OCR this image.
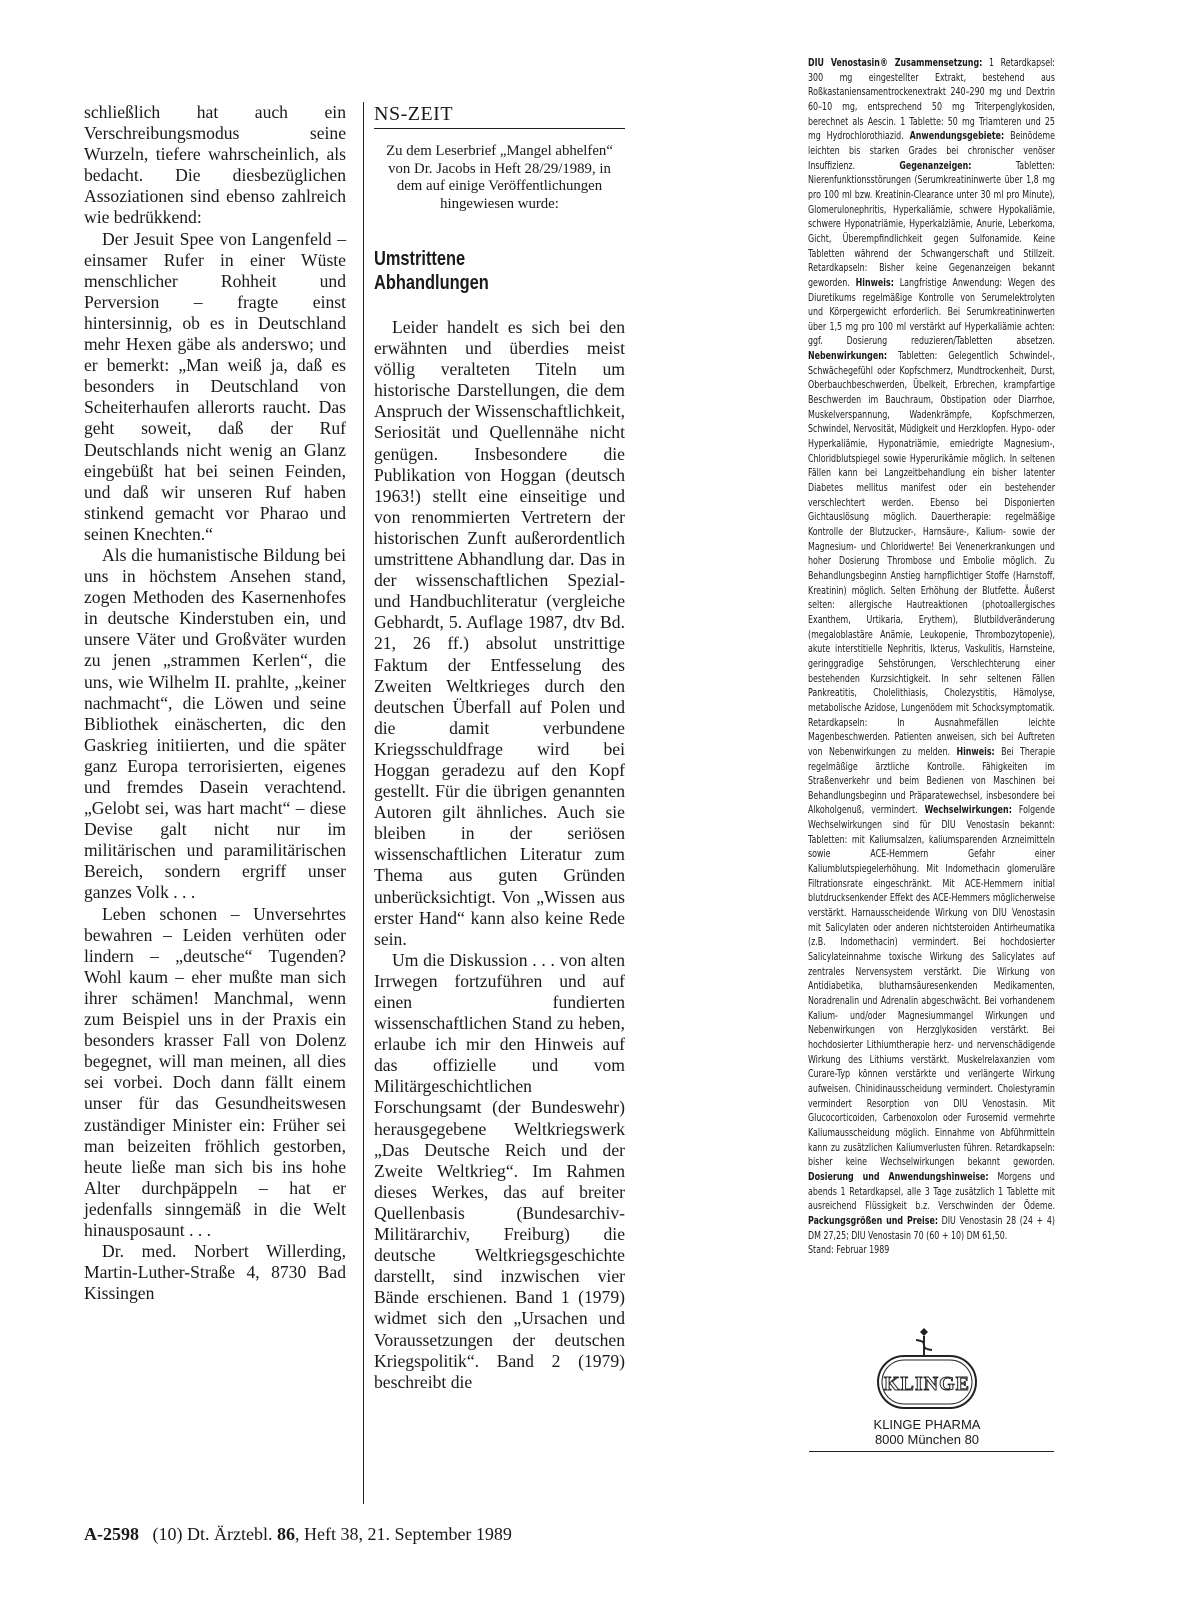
schließlich hat auch ein Verschreibungsmodus seine Wurzeln, tiefere wahrscheinlich, als bedacht. Die diesbezüglichen Assoziationen sind ebenso zahlreich wie bedrükkend:

Der Jesuit Spee von Langenfeld – einsamer Rufer in einer Wüste menschlicher Rohheit und Perversion – fragte einst hintersinnig, ob es in Deutschland mehr Hexen gäbe als anderswo; und er bemerkt: „Man weiß ja, daß es besonders in Deutschland von Scheiterhaufen allerorts raucht. Das geht soweit, daß der Ruf Deutschlands nicht wenig an Glanz eingebüßt hat bei seinen Feinden, und daß wir unseren Ruf haben stinkend gemacht vor Pharao und seinen Knechten.“

Als die humanistische Bildung bei uns in höchstem Ansehen stand, zogen Methoden des Kasernenhofes in deutsche Kinderstuben ein, und unsere Väter und Großväter wurden zu jenen „strammen Kerlen“, die uns, wie Wilhelm II. prahlte, „keiner nachmacht“, die Löwen und seine Bibliothek einäscherten, dic den Gaskrieg initiierten, und die später ganz Europa terrorisierten, eigenes und fremdes Dasein verachtend. „Gelobt sei, was hart macht“ – diese Devise galt nicht nur im militärischen und paramilitärischen Bereich, sondern ergriff unser ganzes Volk . . .

Leben schonen – Unversehrtes bewahren – Leiden verhüten oder lindern – „deutsche“ Tugenden? Wohl kaum – eher mußte man sich ihrer schämen! Manchmal, wenn zum Beispiel uns in der Praxis ein besonders krasser Fall von Dolenz begegnet, will man meinen, all dies sei vorbei. Doch dann fällt einem unser für das Gesundheitswesen zuständiger Minister ein: Früher sei man beizeiten fröhlich gestorben, heute ließe man sich bis ins hohe Alter durchpäppeln – hat er jedenfalls sinngemäß in die Welt hinausposaunt . . .

Dr. med. Norbert Willerding, Martin-Luther-Straße 4, 8730 Bad Kissingen

NS-ZEIT
Zu dem Leserbrief „Mangel abhelfen“ von Dr. Jacobs in Heft 28/29/1989, in dem auf einige Veröffentlichungen hingewiesen wurde:
Umstrittene
Abhandlungen

Leider handelt es sich bei den erwähnten und überdies meist völlig veralteten Titeln um historische Darstellungen, die dem Anspruch der Wissenschaftlichkeit, Seriosität und Quellennähe nicht genügen. Insbesondere die Publikation von Hoggan (deutsch 1963!) stellt eine einseitige und von renommierten Vertretern der historischen Zunft außerordentlich umstrittene Abhandlung dar. Das in der wissenschaftlichen Spezial- und Handbuchliteratur (vergleiche Gebhardt, 5. Auflage 1987, dtv Bd. 21, 26 ff.) absolut unstrittige Faktum der Entfesselung des Zweiten Weltkrieges durch den deutschen Überfall auf Polen und die damit verbundene Kriegsschuldfrage wird bei Hoggan geradezu auf den Kopf gestellt. Für die übrigen genannten Autoren gilt ähnliches. Auch sie bleiben in der seriösen wissenschaftlichen Literatur zum Thema aus guten Gründen unberücksichtigt. Von „Wissen aus erster Hand“ kann also keine Rede sein.

Um die Diskussion . . . von alten Irrwegen fortzuführen und auf einen fundierten wissenschaftlichen Stand zu heben, erlaube ich mir den Hinweis auf das offizielle und vom Militärgeschichtlichen Forschungsamt (der Bundeswehr) herausgegebene Weltkriegswerk „Das Deutsche Reich und der Zweite Weltkrieg“. Im Rahmen dieses Werkes, das auf breiter Quellenbasis (Bundesarchiv-Militärarchiv, Freiburg) die deutsche Weltkriegsgeschichte darstellt, sind inzwischen vier Bände erschienen. Band 1 (1979) widmet sich den „Ursachen und Voraussetzungen der deutschen Kriegspolitik“. Band 2 (1979) beschreibt die

DIU Venostasin® Zusammensetzung: 1 Retardkapsel: 300 mg eingestellter Extrakt, bestehend aus Roßkastaniensamentrockenextrakt 240–290 mg und Dextrin 60–10 mg, entsprechend 50 mg Triterpenglykosiden, berechnet als Aescin. 1 Tablette: 50 mg Triamteren und 25 mg Hydrochlorothiazid. Anwendungsgebiete: Beinödeme leichten bis starken Grades bei chronischer venöser Insuffizienz.	Gegenanzeigen:	Tabletten: Nierenfunktionsstörungen (Serumkreatininwerte über 1,8 mg pro 100 ml bzw. Kreatinin-Clearance unter 30 ml pro Minute), Glomerulonephritis, Hyperkaliämie, schwere Hypokaliämie, schwere Hyponatriämie, Hyperkalziämie, Anurie, Leberkoma, Gicht, Überempfindlichkeit gegen Sulfonamide. Keine Tabletten während der Schwangerschaft und Stillzeit. Retardkapseln: Bisher keine Gegenanzeigen bekannt geworden. Hinweis: Langfristige Anwendung: Wegen des Diuretikums regelmäßige Kontrolle von Serumelektrolyten und Körpergewicht erforderlich. Bei Serumkreatininwerten über 1,5 mg pro 100 ml verstärkt auf Hyperkaliämie achten: ggf. Dosierung reduzieren/Tabletten absetzen. Nebenwirkungen: Tabletten: Gelegentlich Schwindel-, Schwächegefühl oder Kopfschmerz, Mundtrockenheit, Durst, Oberbauchbeschwerden, Übelkeit, Erbrechen, krampfartige Beschwerden im Bauchraum, Obstipation oder Diarrhoe, Muskelverspannung, Wadenkrämpfe, Kopfschmerzen, Schwindel, Nervosität, Müdigkeit und Herzklopfen. Hypo- oder Hyperkaliämie, Hyponatriämie, erniedrigte Magnesium-, Chloridblutspiegel sowie Hyperurikämie möglich. In seltenen Fällen kann bei Langzeitbehandlung ein bisher latenter Diabetes mellitus manifest oder ein bestehender verschlechtert werden. Ebenso bei Disponierten Gichtauslösung möglich. Dauertherapie: regelmäßige Kontrolle der Blutzucker-, Harnsäure-, Kalium- sowie der Magnesium- und Chloridwerte! Bei Venenerkrankungen und hoher Dosierung Thrombose und Embolie möglich. Zu Behandlungsbeginn Anstieg harnpflichtiger Stoffe (Harnstoff, Kreatinin) möglich. Selten Erhöhung der Blutfette. Äußerst selten: allergische Hautreaktionen (photoallergisches Exanthem, Urtikaria, Erythem), Blutbildveränderung (megaloblastäre Anämie, Leukopenie, Thrombozytopenie), akute interstitielle Nephritis, Ikterus, Vaskulitis, Harnsteine, geringgradige Sehstörungen, Verschlechterung einer bestehenden Kurzsichtigkeit. In sehr seltenen Fällen Pankreatitis, Cholelithiasis, Cholezystitis, Hämolyse, metabolische Azidose, Lungenödem mit Schocksymptomatik. Retardkapseln: In Ausnahmefällen leichte Magenbeschwerden. Patienten anweisen, sich bei Auftreten von Nebenwirkungen zu melden. Hinweis: Bei Therapie regelmäßige ärztliche Kontrolle. Fähigkeiten im Straßenverkehr und beim Bedienen von Maschinen bei Behandlungsbeginn und Präparatewechsel, insbesondere bei Alkoholgenuß, vermindert. Wechselwirkungen: Folgende Wechselwirkungen sind für DIU Venostasin bekannt: Tabletten: mit Kaliumsalzen, kaliumsparenden Arzneimitteln sowie ACE-Hemmern Gefahr einer Kaliumblutspiegelerhöhung. Mit Indomethacin glomeruläre Filtrationsrate eingeschränkt. Mit ACE-Hemmern initial blutdrucksenkender Effekt des ACE-Hemmers möglicherweise verstärkt. Harnausscheidende Wirkung von DIU Venostasin mit Salicylaten oder anderen nichtsteroiden Antirheumatika (z.B. Indomethacin) vermindert. Bei hochdosierter Salicylateinnahme toxische Wirkung des Salicylates auf zentrales Nervensystem verstärkt. Die Wirkung von Antidiabetika, blutharnsäuresenkenden Medikamenten, Noradrenalin und Adrenalin abgeschwächt. Bei vorhandenem Kalium- und/oder Magnesiummangel Wirkungen und Nebenwirkungen von Herzglykosiden verstärkt. Bei hochdosierter Lithiumtherapie herz- und nervenschädigende Wirkung des Lithiums verstärkt. Muskelrelaxanzien vom Curare-Typ können verstärkte und verlängerte Wirkung aufweisen. Chinidinausscheidung vermindert. Cholestyramin vermindert Resorption von DIU Venostasin. Mit Glucocorticoiden, Carbenoxolon oder Furosemid vermehrte Kaliumausscheidung möglich. Einnahme von Abführmitteln kann zu zusätzlichen Kaliumverlusten führen. Retardkapseln: bisher keine Wechselwirkungen bekannt geworden. Dosierung und Anwendungshinweise: Morgens und abends 1 Retardkapsel, alle 3 Tage zusätzlich 1 Tablette mit ausreichend Flüssigkeit b.z. Verschwinden der Ödeme. Packungsgrößen und Preise: DIU Venostasin 28 (24 + 4) DM 27,25; DIU Venostasin 70 (60 + 10) DM 61,50.
Stand: Februar 1989
KLINGE
KLINGE PHARMA
8000 München 80
A-2598 (10) Dt. Ärztebl. 86, Heft 38, 21. September 1989
